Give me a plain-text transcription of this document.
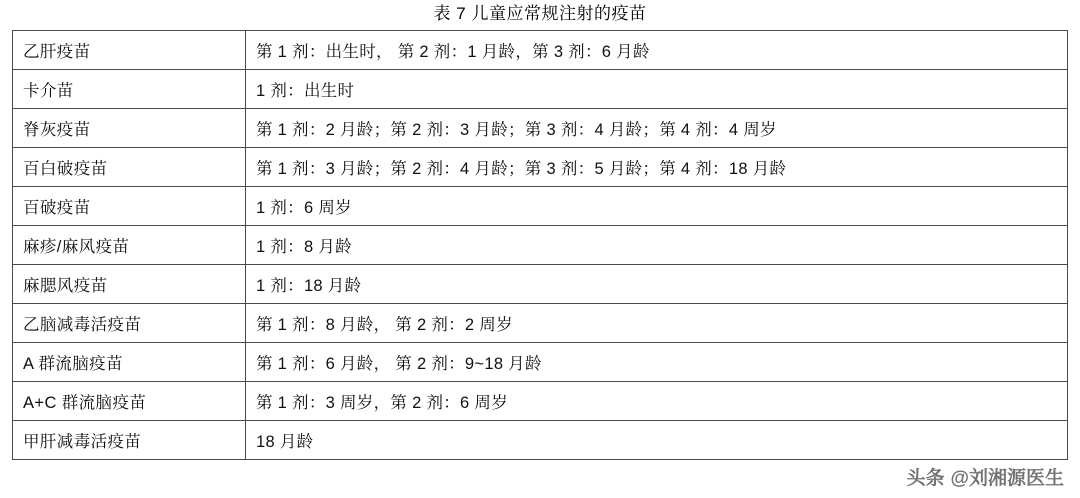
表 7 儿童应常规注射的疫苗
乙肝疫苗	第 1 剂：出生时， 第 2 剂：1 月龄，第 3 剂：6 月龄
卡介苗	1 剂：出生时
脊灰疫苗	第 1 剂：2 月龄；第 2 剂：3 月龄；第 3 剂：4 月龄；第 4 剂：4 周岁
百白破疫苗	第 1 剂：3 月龄；第 2 剂：4 月龄；第 3 剂：5 月龄；第 4 剂：18 月龄
百破疫苗	1 剂：6 周岁
麻疹/麻风疫苗	1 剂：8 月龄
麻腮风疫苗	1 剂：18 月龄
乙脑减毒活疫苗	第 1 剂：8 月龄， 第 2 剂：2 周岁
A 群流脑疫苗	第 1 剂：6 月龄， 第 2 剂：9~18 月龄
A+C 群流脑疫苗	第 1 剂：3 周岁，第 2 剂：6 周岁
甲肝减毒活疫苗	18 月龄
头条 @刘湘源医生
